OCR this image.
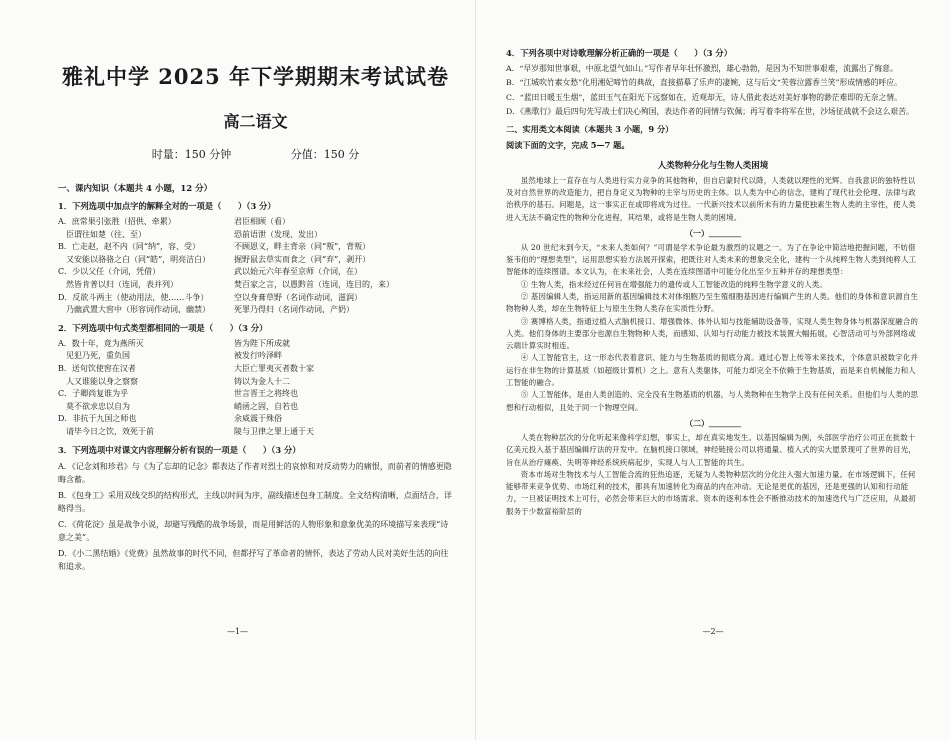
雅礼中学 2025 年下学期期末考试试卷
高二语文
时量：150 分钟	分值：150 分
一、课内知识（本题共 4 小题，12 分）
1．下列选项中加点字的解释全对的一项是（　　）（3 分）
A．庶常果引张胜（招供、牵累）	君臣相顾（看）
　臣谓往如楚（往、至）	恐前语泄（发现、发出）
B．亡走赵，赵不内（同“纳”，容、受）	不顾恩义，畔主背亲（同“叛”，背叛）
　又安能以骆骆之白（同“皓”，明亮洁白）	掘野鼠去草实而食之（同“弃”，剥开）
C．少以父任（介词，凭借）	武以始元六年春至京师（介词，在）
　然皆肯普以归（连词，表并列）	焚百家之言，以愚黔首（连词，连目的，来）
D．反欲斗两主（使动用法，使……斗争）	空以身膏草野（名词作动词，滋润）
　乃幽武置大窖中（形容词作动词，幽禁）	死罪乃得归（名词作动词，产奶）
2．下列选项中句式类型都相同的一项是（　　）（3 分）
A．数十年，竟为燕所灭	皆为陛下所成就
　见犯乃死，重负国	被发行吟泽畔
B．送旬饮使窖在汉者	大臣亡罪夷灭者数十家
　人又谁能以身之察察	铸以为金人十二
C．子卿尚复谁为乎	世言晋王之将终也
　莫不欲求忠以自为	峭函之固，自若也
D．非抗于九国之师也	余威震于殊俗
　请毕今日之饮，效死于前	陵与卫律之罪上通于天
3．下列选项中对课文内容理解分析有误的一项是（　　）（3 分）
A．《记念刘和珍君》与《为了忘却的记念》都表达了作者对烈士的哀悼和对反动势力的痛恨，而前者的情感更隐晦含蓄。
B．《包身工》采用双线交织的结构形式，主线以时间为序，副线描述包身工制度。全文结构清晰，点面结合，详略得当。
C．《荷花淀》虽是战争小说，却避写残酷的战争场景，而是用鲜活的人物形象和意象优美的环境描写来表现“诗意之美”。
D．《小二黑结婚》《党费》虽然故事的时代不同，但都抒写了革命者的情怀，表达了劳动人民对美好生活的向往和追求。
—1—
4．下列各项中对诗歌理解分析正确的一项是（　　）（3 分）
A．“早岁那知世事艰，中原北望气如山。”写作者早年壮怀激烈，雄心勃勃，是因为不知世事艰难，流露出了悔意。
B．“江城吹竹素女愁”化用湘妃啼竹的典故，直接描摹了乐声的凄婉，这与后文“芙蓉泣露香兰笑”形成情感的呼应。
C．“蓝田日暖玉生烟”，蓝田玉气在阳光下远察如在，近观却无，诗人借此表达对美好事物的渺茫难即的无奈之情。
D．《燕歌行》最后四句先写战士们决心殉国，表达作者的同情与钦佩；再写着李将军在世，沙场征战就不会这么艰苦。
二、实用类文本阅读（本题共 3 小题，9 分）
阅读下面的文字，完成 5—7 题。
人类物种分化与生物人类困境

虽然地球上一直存在与人类进行实力竞争的其他物种，但自启蒙时代以降，人类就以理性的光辉、自我意识的独特性以及对自然世界的改造能力，把自身定义为物种的主宰与历史的主体。以人类为中心的信念，建构了现代社会伦理、法律与政治秩序的基石。问题是，这一事实正在或即将成为过往。一代新兴技术以前所未有的力量使独素生物人类的主宰性，使人类进入无法不确定性的物种分化进程，其结果，或将是生物人类的困境。

（一）＿＿＿＿

从 20 世纪末到今天，“未来人类如何？”可谓是学术争论最为激烈的议题之一。为了在争论中简洁地把握问题，不妨借鉴韦伯的“理想类型”，运用思想实验方法展开探索，把既往对人类未来的想象完全化，建构一个从纯粹生物人类到纯粹人工智能体的连续图谱。本文认为，在未来社会，人类在连续图谱中可能分化出至少五种并存的理想类型：

① 生物人类，指未经过任何旨在增强能力的遗传或人工智能改造的纯粹生物学意义的人类。

② 基因编辑人类，指运用新的基因编辑技术对体细胞乃至生殖细胞基因进行编辑产生的人类。他们的身体和意识源自生物物种人类，却在生物特征上与原生生物人类存在实质性分野。

③ 赛博格人类，指通过植入式脑机接口、增强微体、体外认知与技能辅助设备等，实现人类生物身体与机器深度融合的人类。他们身体的主要部分也源自生物物种人类，而感知、认知与行动能力被技术装置大幅拓展，心智活动可与外部网络或云端计算实时相连。

④ 人工智能官主，这一形态代表着意识、能力与生物基质的彻底分离。通过心智上传等未来技术，个体意识被数字化并运行在非生物的计算基质（如超级计算机）之上。意有人类躯体，可能力却完全不依赖于生物基质，而是来自机械能力和人工智能的融合。

⑤ 人工智能体，是由人类创造的、完全没有生物基质的机器，与人类物种在生物学上没有任何关系。但他们与人类的思想和行动相似，且处于同一个物理空间。

（二）＿＿＿＿

人类在物种层次的分化听起来像科学幻想，事实上，却在真实地发生。以基因编辑为例，头部医学治疗公司正在批数十亿美元投入基于基因编辑疗法的开发中。在脑机接口领域，神经链接公司以将通量、植入式的实大愿景现可了世界的目光，旨在从治疗瘫痪、失明等神经系统疾病起步，实现人与人工智能的共生。

资本市场对生物技术与人工智能合流的狂热追逐，无疑为人类物种层次的分化注入强大加速力量。在市场逻辑下，任何能够带来竞争优势、市场红利的技术，都具有加速转化为商品的内在冲动。无论是更优的基因，还是更强的认知和行动能力，一旦被证明技术上可行，必然会带来巨大的市场需求。资本的逐利本性会不断推动技术的加速迭代与广泛应用，从最初服务于少数富裕阶层的

—2—
